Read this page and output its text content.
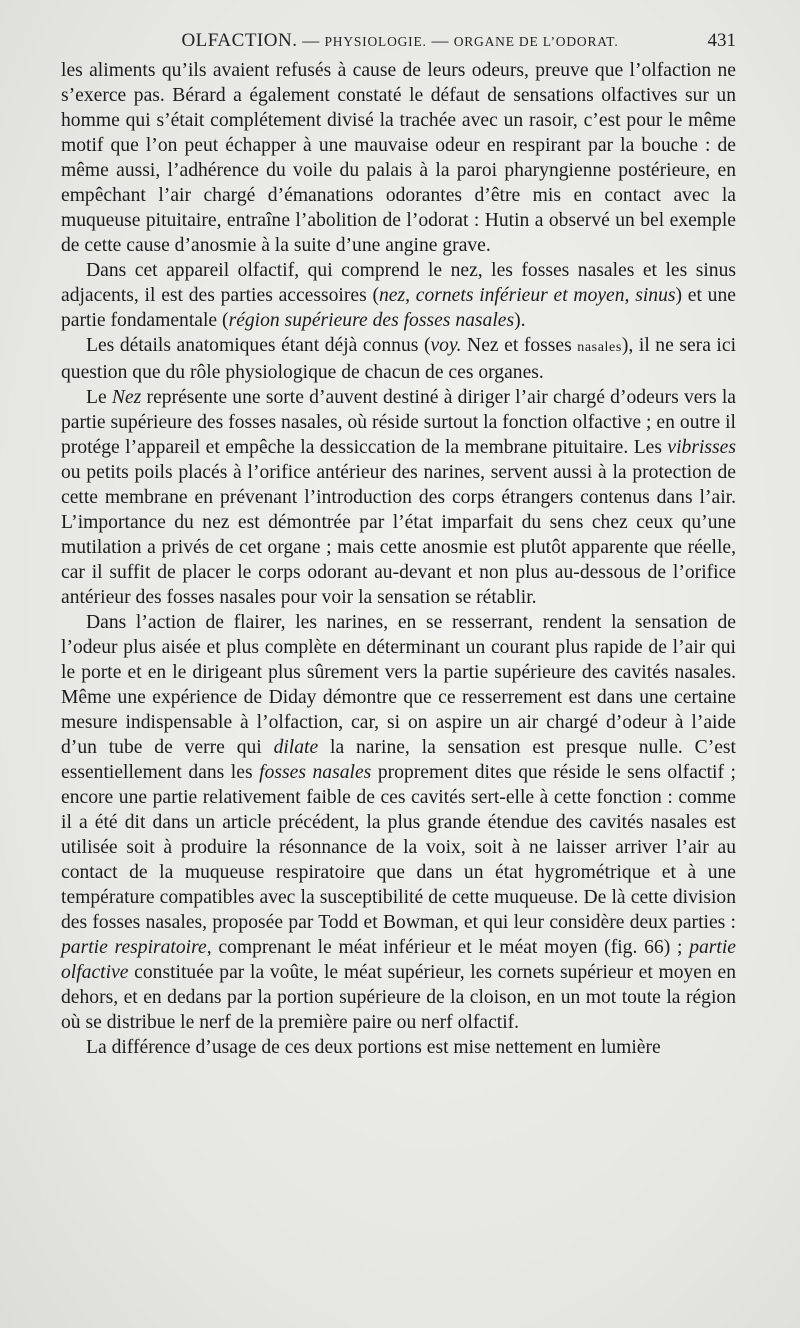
OLFACTION. — PHYSIOLOGIE. — ORGANE DE L’ODORAT.	431

les aliments qu’ils avaient refusés à cause de leurs odeurs, preuve que l’olfaction ne s’exerce pas. Bérard a également constaté le défaut de sensations olfactives sur un homme qui s’était complétement divisé la trachée avec un rasoir, c’est pour le même motif que l’on peut échapper à une mauvaise odeur en respirant par la bouche : de même aussi, l’adhérence du voile du palais à la paroi pharyngienne postérieure, en empêchant l’air chargé d’émanations odorantes d’être mis en contact avec la muqueuse pituitaire, entraîne l’abolition de l’odorat : Hutin a observé un bel exemple de cette cause d’anosmie à la suite d’une angine grave.

Dans cet appareil olfactif, qui comprend le nez, les fosses nasales et les sinus adjacents, il est des parties accessoires (nez, cornets inférieur et moyen, sinus) et une partie fondamentale (région supérieure des fosses nasales).

Les détails anatomiques étant déjà connus (voy. Nez et fosses nasales), il ne sera ici question que du rôle physiologique de chacun de ces organes.

Le Nez représente une sorte d’auvent destiné à diriger l’air chargé d’odeurs vers la partie supérieure des fosses nasales, où réside surtout la fonction olfactive ; en outre il protége l’appareil et empêche la dessiccation de la membrane pituitaire. Les vibrisses ou petits poils placés à l’orifice antérieur des narines, servent aussi à la protection de cette membrane en prévenant l’introduction des corps étrangers contenus dans l’air. L’importance du nez est démontrée par l’état imparfait du sens chez ceux qu’une mutilation a privés de cet organe ; mais cette anosmie est plutôt apparente que réelle, car il suffit de placer le corps odorant au-devant et non plus au-dessous de l’orifice antérieur des fosses nasales pour voir la sensation se rétablir.

Dans l’action de flairer, les narines, en se resserrant, rendent la sensation de l’odeur plus aisée et plus complète en déterminant un courant plus rapide de l’air qui le porte et en le dirigeant plus sûrement vers la partie supérieure des cavités nasales. Même une expérience de Diday démontre que ce resserrement est dans une certaine mesure indispensable à l’olfaction, car, si on aspire un air chargé d’odeur à l’aide d’un tube de verre qui dilate la narine, la sensation est presque nulle. C’est essentiellement dans les fosses nasales proprement dites que réside le sens olfactif ; encore une partie relativement faible de ces cavités sert-elle à cette fonction : comme il a été dit dans un article précédent, la plus grande étendue des cavités nasales est utilisée soit à produire la résonnance de la voix, soit à ne laisser arriver l’air au contact de la muqueuse respiratoire que dans un état hygrométrique et à une température compatibles avec la susceptibilité de cette muqueuse. De là cette division des fosses nasales, proposée par Todd et Bowman, et qui leur considère deux parties : partie respiratoire, comprenant le méat inférieur et le méat moyen (fig. 66) ; partie olfactive constituée par la voûte, le méat supérieur, les cornets supérieur et moyen en dehors, et en dedans par la portion supérieure de la cloison, en un mot toute la région où se distribue le nerf de la première paire ou nerf olfactif.

La différence d’usage de ces deux portions est mise nettement en lumière
